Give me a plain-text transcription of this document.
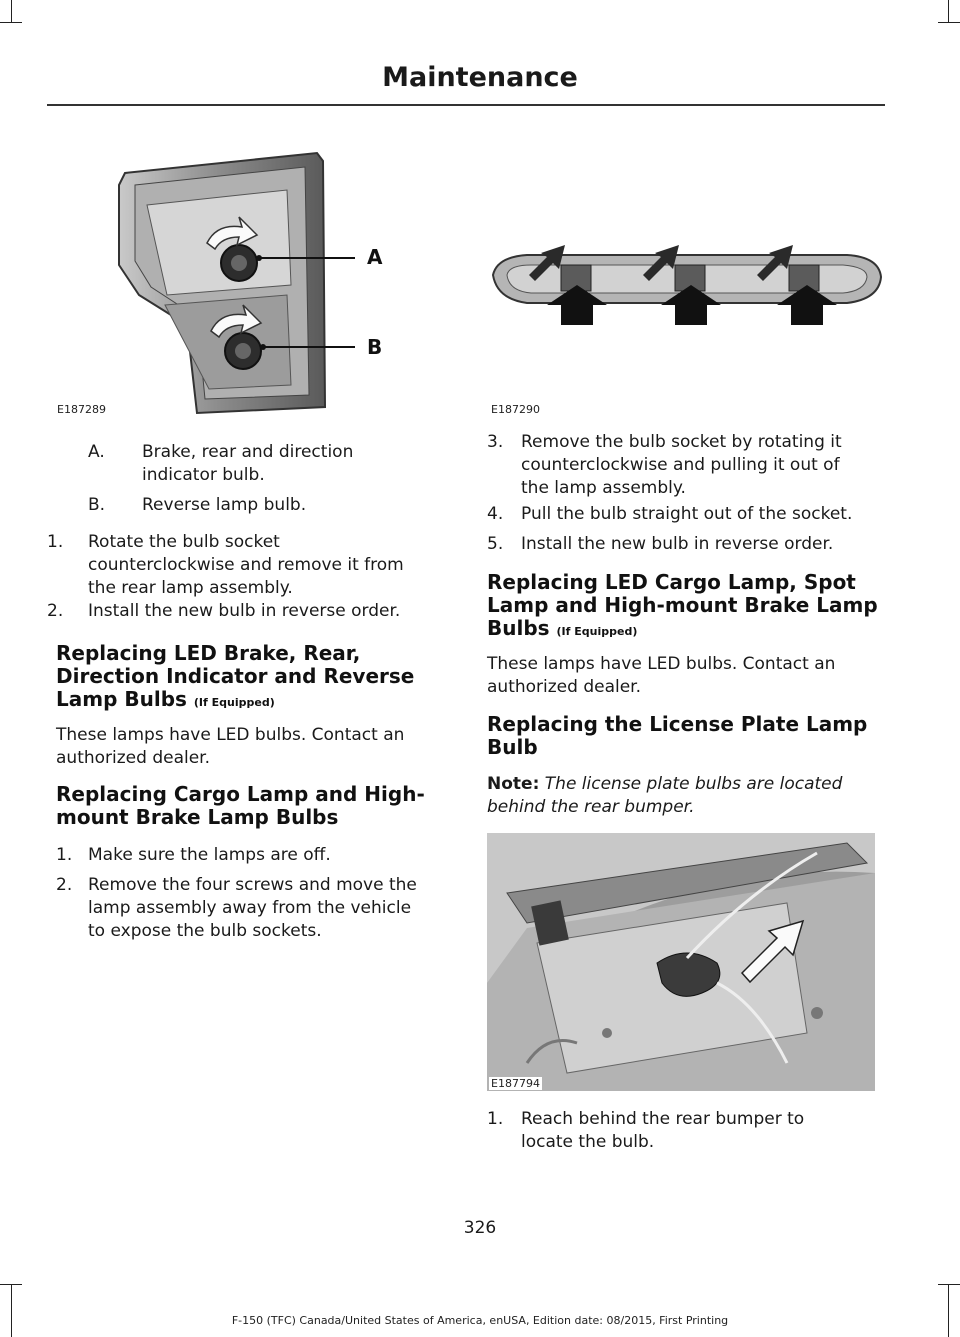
Maintenance
A
B
E187289	E187290
A. Brake, rear and direction
indicator bulb.
B. Reverse lamp bulb.
1. Rotate the bulb socket
counterclockwise and remove it from
the rear lamp assembly.
2. Install the new bulb in reverse order.
Replacing LED Brake, Rear,
Direction Indicator and Reverse
Lamp Bulbs (If Equipped)
These lamps have LED bulbs. Contact an
authorized dealer.
Replacing Cargo Lamp and High-
mount Brake Lamp Bulbs
1. Make sure the lamps are off.
2. Remove the four screws and move the
lamp assembly away from the vehicle
to expose the bulb sockets.
3. Remove the bulb socket by rotating it
counterclockwise and pulling it out of
the lamp assembly.
4. Pull the bulb straight out of the socket.
5. Install the new bulb in reverse order.
Replacing LED Cargo Lamp, Spot
Lamp and High-mount Brake Lamp
Bulbs (If Equipped)
These lamps have LED bulbs. Contact an
authorized dealer.
Replacing the License Plate Lamp
Bulb
Note: The license plate bulbs are located
behind the rear bumper.
E187794
1. Reach behind the rear bumper to
locate the bulb.
326
F-150 (TFC) Canada/United States of America, enUSA, Edition date: 08/2015, First Printing
